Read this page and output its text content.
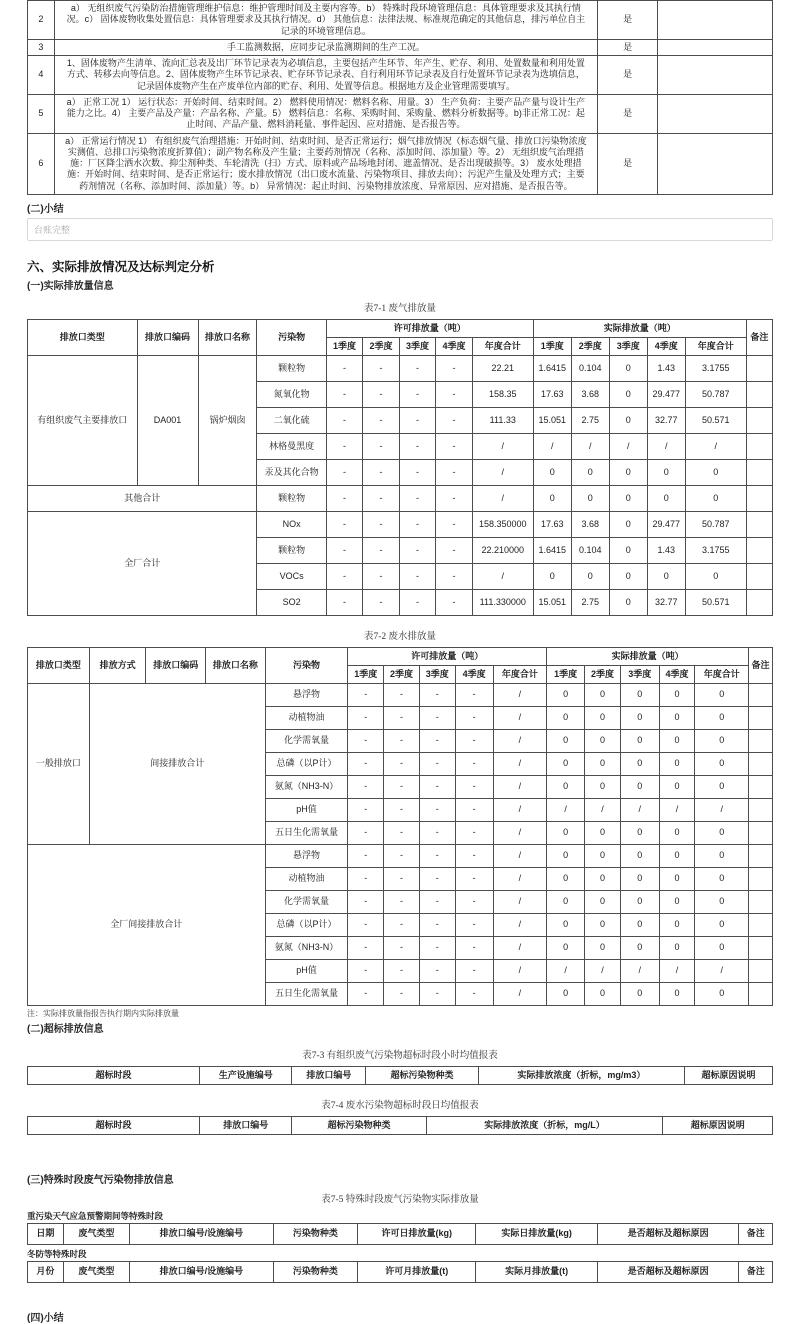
2	a） 无组织废气污染防治措施管理维护信息：维护管理时间及主要内容等。b） 特殊时段环境管理信息：具体管理要求及其执行情况。c） 固体废物收集处置信息：具体管理要求及其执行情况。d） 其他信息：法律法规、标准规范确定的其他信息，排污单位自主记录的环境管理信息。	是	
3	手工监测数据，应同步记录监测期间的生产工况。	是	
4	1、固体废物产生清单、流向汇总表及出厂环节记录表为必填信息，主要包括产生环节、年产生、贮存、利用、处置数量和利用处置方式、转移去向等信息。2、固体废物产生环节记录表、贮存环节记录表、自行利用环节记录表及自行处置环节记录表为选填信息，记录固体废物产生在产废单位内部的贮存、利用、处置等信息。根据地方及企业管理需要填写。	是	
5	a） 正常工况 1） 运行状态：开始时间、结束时间。2） 燃料使用情况：燃料名称、用量。3） 生产负荷：主要产品产量与设计生产能力之比。4） 主要产品及产量：产品名称、产量。5） 燃料信息：名称、采购时间、采购量、燃料分析数据等。b)非正常工况：起止时间、产品产量、燃料消耗量、事件起因、应对措施、是否报告等。	是	
6	a） 正常运行情况 1） 有组织废气治理措施：开始时间、结束时间、是否正常运行；烟气排放情况（标态烟气量、排放口污染物浓度实测值、总排口污染物浓度折算值）；副产物名称及产生量；主要药剂情况（名称、添加时间、添加量）等。2） 无组织废气治理措施：厂区降尘洒水次数、抑尘剂种类、车轮清洗（扫）方式、原料或产品场地封闭、遮盖情况、是否出现破损等。3） 废水处理措施：开始时间、结束时间、是否正常运行；废水排放情况（出口废水流量、污染物项目、排放去向）；污泥产生量及处理方式；主要药剂情况（名称、添加时间、添加量）等。b） 异常情况：起止时间、污染物排放浓度、异常原因、应对措施、是否报告等。	是	
(二)小结
台账完整
六、实际排放情况及达标判定分析
(一)实际排放量信息
表7-1 废气排放量
排放口类型	排放口编码	排放口名称	污染物	许可排放量（吨）					实际排放量（吨）					备注
				1季度	2季度	3季度	4季度	年度合计	1季度	2季度	3季度	4季度	年度合计	
有组织废气主要排放口	DA001	锅炉烟囱	颗粒物	-	-	-	-	22.21	1.6415	0.104	0	1.43	3.1755	
			氮氧化物	-	-	-	-	158.35	17.63	3.68	0	29.477	50.787	
			二氧化硫	-	-	-	-	111.33	15.051	2.75	0	32.77	50.571	
			林格曼黑度	-	-	-	-	/	/	/	/	/	/	
			汞及其化合物	-	-	-	-	/	0	0	0	0	0	
其他合计			颗粒物	-	-	-	-	/	0	0	0	0	0	
全厂合计			NOx	-	-	-	-	158.350000	17.63	3.68	0	29.477	50.787	
			颗粒物	-	-	-	-	22.210000	1.6415	0.104	0	1.43	3.1755	
			VOCs	-	-	-	-	/	0	0	0	0	0	
			SO2	-	-	-	-	111.330000	15.051	2.75	0	32.77	50.571	
表7-2 废水排放量
排放口类型	排放方式	排放口编码	排放口名称	污染物	许可排放量（吨）					实际排放量（吨）					备注
					1季度	2季度	3季度	4季度	年度合计	1季度	2季度	3季度	4季度	年度合计	
一般排放口	间接排放合计			悬浮物	-	-	-	-	/	0	0	0	0	0	
				动植物油	-	-	-	-	/	0	0	0	0	0	
				化学需氧量	-	-	-	-	/	0	0	0	0	0	
				总磷（以P计）	-	-	-	-	/	0	0	0	0	0	
				氨氮（NH3-N）	-	-	-	-	/	0	0	0	0	0	
				pH值	-	-	-	-	/	/	/	/	/	/	
				五日生化需氧量	-	-	-	-	/	0	0	0	0	0	
全厂间接排放合计				悬浮物	-	-	-	-	/	0	0	0	0	0	
				动植物油	-	-	-	-	/	0	0	0	0	0	
				化学需氧量	-	-	-	-	/	0	0	0	0	0	
				总磷（以P计）	-	-	-	-	/	0	0	0	0	0	
				氨氮（NH3-N）	-	-	-	-	/	0	0	0	0	0	
				pH值	-	-	-	-	/	/	/	/	/	/	
				五日生化需氧量	-	-	-	-	/	0	0	0	0	0	
注：实际排放量指报告执行期内实际排放量
(二)超标排放信息
表7-3 有组织废气污染物超标时段小时均值报表
超标时段	生产设施编号	排放口编号	超标污染物种类	实际排放浓度（折标，mg/m3）	超标原因说明
表7-4 废水污染物超标时段日均值报表
超标时段	排放口编号	超标污染物种类	实际排放浓度（折标，mg/L）	超标原因说明
(三)特殊时段废气污染物排放信息
表7-5 特殊时段废气污染物实际排放量
重污染天气应急预警期间等特殊时段
日期	废气类型	排放口编号/设施编号	污染物种类	许可日排放量(kg)	实际日排放量(kg)	是否超标及超标原因	备注
冬防等特殊时段
月份	废气类型	排放口编号/设施编号	污染物种类	许可月排放量(t)	实际月排放量(t)	是否超标及超标原因	备注
(四)小结
